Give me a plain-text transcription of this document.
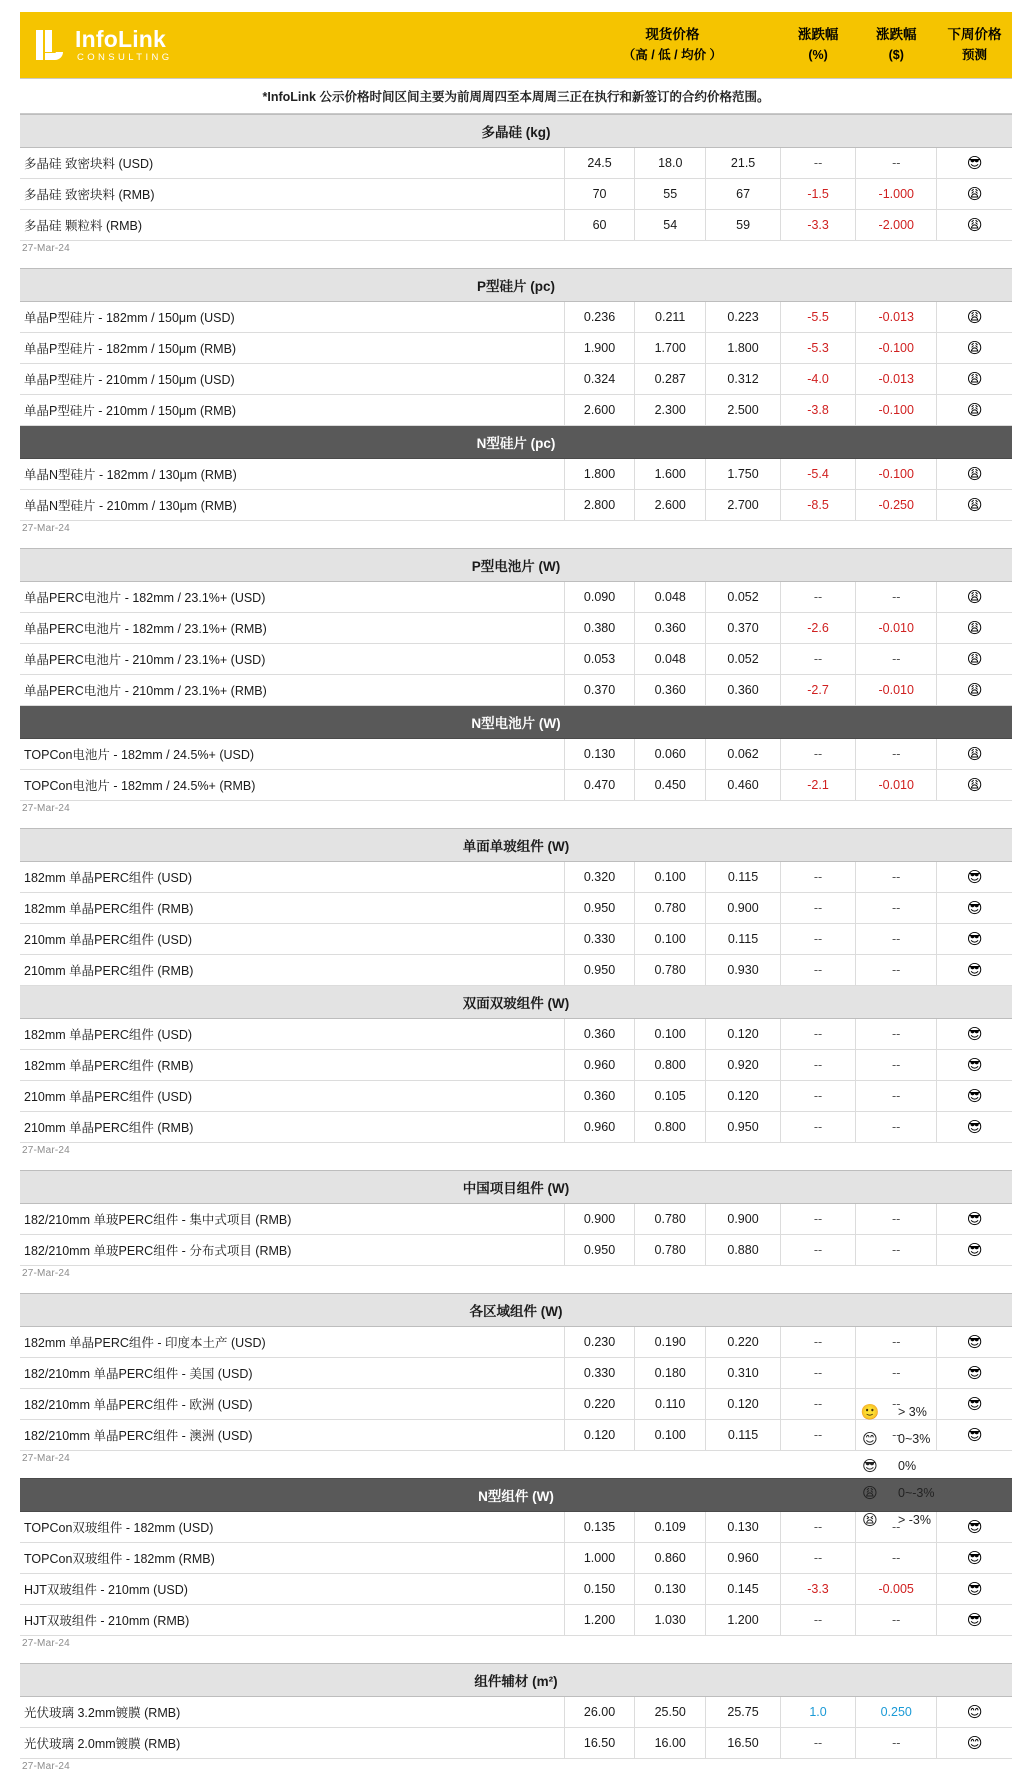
InfoLink
CONSULTING
	现货价格
（高 / 低 / 均价 ）
	涨跌幅
(%)
	涨跌幅
($)
	下周价格
预测

*InfoLink 公示价格时间区间主要为前周周四至本周周三正在执行和新签订的合约价格范围。
多晶硅 (kg)						
多晶硅 致密块料 (USD)	24.5	18.0	21.5	--	--	😎
多晶硅 致密块料 (RMB)	70	55	67	-1.5	-1.000	😩
多晶硅 颗粒料 (RMB)	60	54	59	-3.3	-2.000	😩
27-Mar-24

P型硅片 (pc)						
单晶P型硅片 - 182mm / 150μm (USD)	0.236	0.211	0.223	-5.5	-0.013	😩
单晶P型硅片 - 182mm / 150μm (RMB)	1.900	1.700	1.800	-5.3	-0.100	😩
单晶P型硅片 - 210mm / 150μm (USD)	0.324	0.287	0.312	-4.0	-0.013	😩
单晶P型硅片 - 210mm / 150μm (RMB)	2.600	2.300	2.500	-3.8	-0.100	😩
N型硅片 (pc)						
单晶N型硅片 - 182mm / 130μm (RMB)	1.800	1.600	1.750	-5.4	-0.100	😩
单晶N型硅片 - 210mm / 130μm (RMB)	2.800	2.600	2.700	-8.5	-0.250	😩
27-Mar-24

P型电池片 (W)						
单晶PERC电池片 - 182mm / 23.1%+ (USD)	0.090	0.048	0.052	--	--	😩
单晶PERC电池片 - 182mm / 23.1%+ (RMB)	0.380	0.360	0.370	-2.6	-0.010	😩
单晶PERC电池片 - 210mm / 23.1%+ (USD)	0.053	0.048	0.052	--	--	😩
单晶PERC电池片 - 210mm / 23.1%+ (RMB)	0.370	0.360	0.360	-2.7	-0.010	😩
N型电池片 (W)						
TOPCon电池片 - 182mm / 24.5%+ (USD)	0.130	0.060	0.062	--	--	😩
TOPCon电池片 - 182mm / 24.5%+ (RMB)	0.470	0.450	0.460	-2.1	-0.010	😩
27-Mar-24

单面单玻组件 (W)						
182mm 单晶PERC组件 (USD)	0.320	0.100	0.115	--	--	😎
182mm 单晶PERC组件 (RMB)	0.950	0.780	0.900	--	--	😎
210mm 单晶PERC组件 (USD)	0.330	0.100	0.115	--	--	😎
210mm 单晶PERC组件 (RMB)	0.950	0.780	0.930	--	--	😎
双面双玻组件 (W)						
182mm 单晶PERC组件 (USD)	0.360	0.100	0.120	--	--	😎
182mm 单晶PERC组件 (RMB)	0.960	0.800	0.920	--	--	😎
210mm 单晶PERC组件 (USD)	0.360	0.105	0.120	--	--	😎
210mm 单晶PERC组件 (RMB)	0.960	0.800	0.950	--	--	😎
27-Mar-24

中国项目组件 (W)						
182/210mm 单玻PERC组件 - 集中式项目 (RMB)	0.900	0.780	0.900	--	--	😎
182/210mm 单玻PERC组件 - 分布式项目 (RMB)	0.950	0.780	0.880	--	--	😎
27-Mar-24

各区域组件 (W)						
182mm 单晶PERC组件 - 印度本土产 (USD)	0.230	0.190	0.220	--	--	😎
182/210mm 单晶PERC组件 - 美国 (USD)	0.330	0.180	0.310	--	--	😎
182/210mm 单晶PERC组件 - 欧洲 (USD)	0.220	0.110	0.120	--	--	😎
182/210mm 单晶PERC组件 - 澳洲 (USD)	0.120	0.100	0.115	--	--	😎
27-Mar-24

N型组件 (W)						
TOPCon双玻组件 - 182mm (USD)	0.135	0.109	0.130	--	--	😎
TOPCon双玻组件 - 182mm (RMB)	1.000	0.860	0.960	--	--	😎
HJT双玻组件 - 210mm (USD)	0.150	0.130	0.145	-3.3	-0.005	😎
HJT双玻组件 - 210mm (RMB)	1.200	1.030	1.200	--	--	😎
27-Mar-24

组件辅材 (m²)						
光伏玻璃 3.2mm镀膜 (RMB)	26.00	25.50	25.75	1.0	0.250	😊
光伏玻璃 2.0mm镀膜 (RMB)	16.50	16.00	16.50	--	--	😊
27-Mar-24
🙂 > 3%
😊 0~3%
😎 0%
😩 0~-3%
😫 > -3%
